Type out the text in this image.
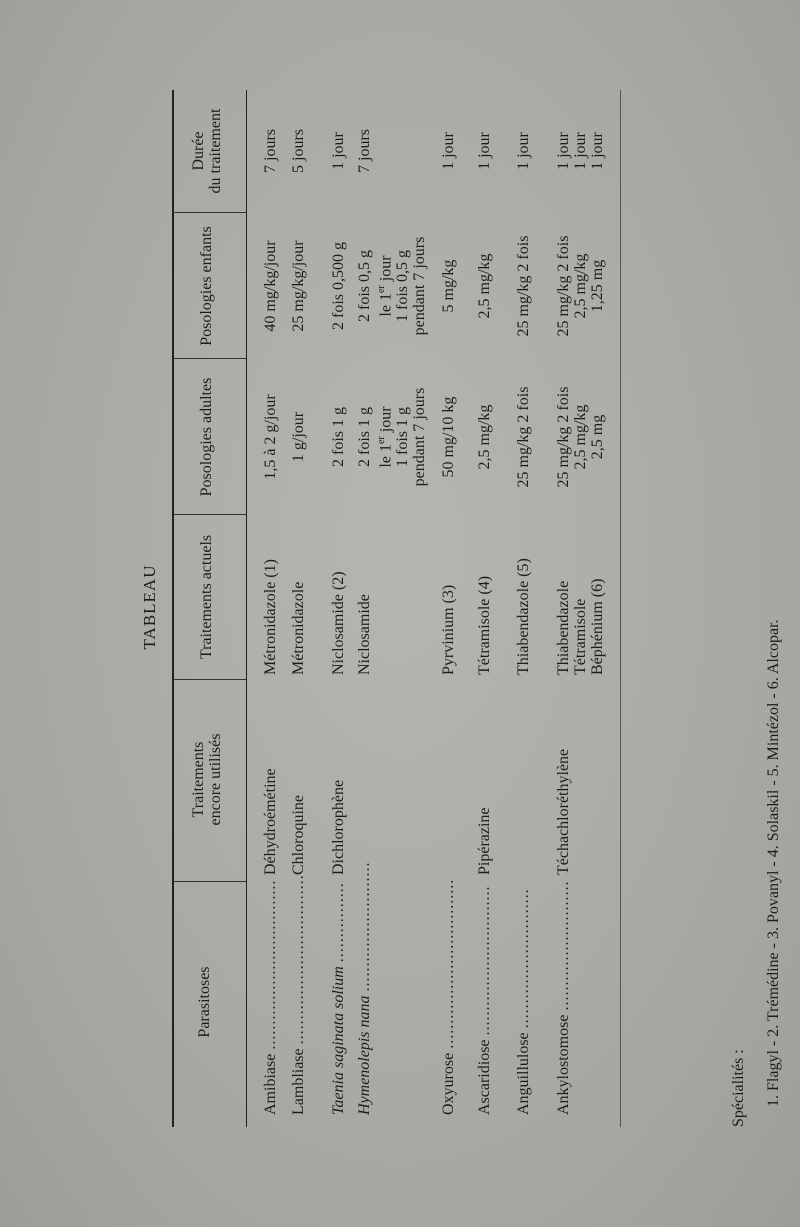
TABLEAU
Parasitoses
Traitements encore utilisés
Traitements actuels
Posologies adultes
Posologies enfants
Durée du traitement
Amibiase ..................................
Déhydroémétine
Métronidazole (1)
1,5 à 2 g/jour
40 mg/kg/jour
7 jours
Lambliase ..................................
Chloroquine
Métronidazole
1 g/jour
25 mg/kg/jour
5 jours
Taenia saginata solium ................
Dichlorophène
Niclosamide (2)
2 fois 1 g
2 fois 0,500 g
1 jour
Hymenolepis nana ..........................
Niclosamide
2 fois 1 g le 1er jour 1 fois 1 g pendant 7 jours
2 fois 0,5 g le 1er jour 1 fois 0,5 g pendant 7 jours
7 jours
Oxyurose ..................................
Pyrvinium (3)
50 mg/10 kg
5 mg/kg
1 jour
Ascaridiose ..............................
Pipérazine
Tétramisole (4)
2,5 mg/kg
2,5 mg/kg
1 jour
Anguillulose ............................
Thiabendazole (5)
25 mg/kg 2 fois
25 mg/kg 2 fois
1 jour
Ankylostomose ..........................
Téchachloréthylène
Thiabendazole Tétramisole Béphénium (6)
25 mg/kg 2 fois 2,5 mg/kg 2,5 mg
25 mg/kg 2 fois 2,5 mg/kg 1,25 mg
1 jour 1 jour 1 jour
Spécialités : 1. Flagyl - 2. Trémédine - 3. Povanyl - 4. Solaskil - 5. Mintézol - 6. Alcopar.
